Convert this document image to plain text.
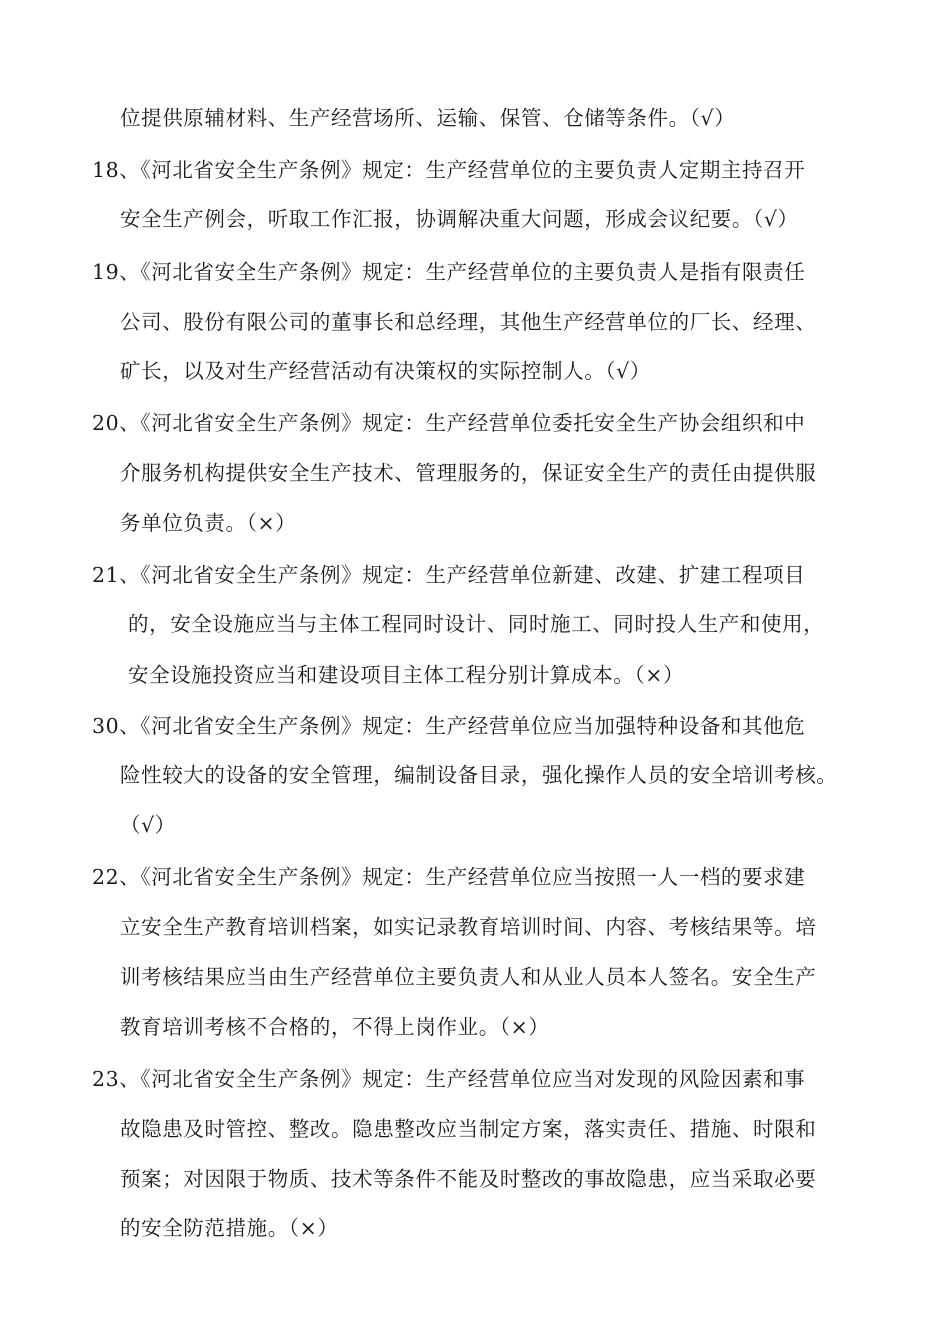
位提供原辅材料、生产经营场所、运输、保管、仓储等条件。（√）
18、《河北省安全生产条例》规定：生产经营单位的主要负责人定期主持召开
安全生产例会，听取工作汇报，协调解决重大问题，形成会议纪要。（√）
19、《河北省安全生产条例》规定：生产经营单位的主要负责人是指有限责任
公司、股份有限公司的董事长和总经理，其他生产经营单位的厂长、经理、
矿长，以及对生产经营活动有决策权的实际控制人。（√）
20、《河北省安全生产条例》规定：生产经营单位委托安全生产协会组织和中
介服务机构提供安全生产技术、管理服务的，保证安全生产的责任由提供服
务单位负责。（×）
21、《河北省安全生产条例》规定：生产经营单位新建、改建、扩建工程项目
的，安全设施应当与主体工程同时设计、同时施工、同时投人生产和使用，
安全设施投资应当和建设项目主体工程分别计算成本。（×）
30、《河北省安全生产条例》规定：生产经营单位应当加强特种设备和其他危
险性较大的设备的安全管理，编制设备目录，强化操作人员的安全培训考核。
（√）
22、《河北省安全生产条例》规定：生产经营单位应当按照一人一档的要求建
立安全生产教育培训档案，如实记录教育培训时间、内容、考核结果等。培
训考核结果应当由生产经营单位主要负责人和从业人员本人签名。安全生产
教育培训考核不合格的，不得上岗作业。（×）
23、《河北省安全生产条例》规定：生产经营单位应当对发现的风险因素和事
故隐患及时管控、整改。隐患整改应当制定方案，落实责任、措施、时限和
预案；对因限于物质、技术等条件不能及时整改的事故隐患，应当采取必要
的安全防范措施。（×）
